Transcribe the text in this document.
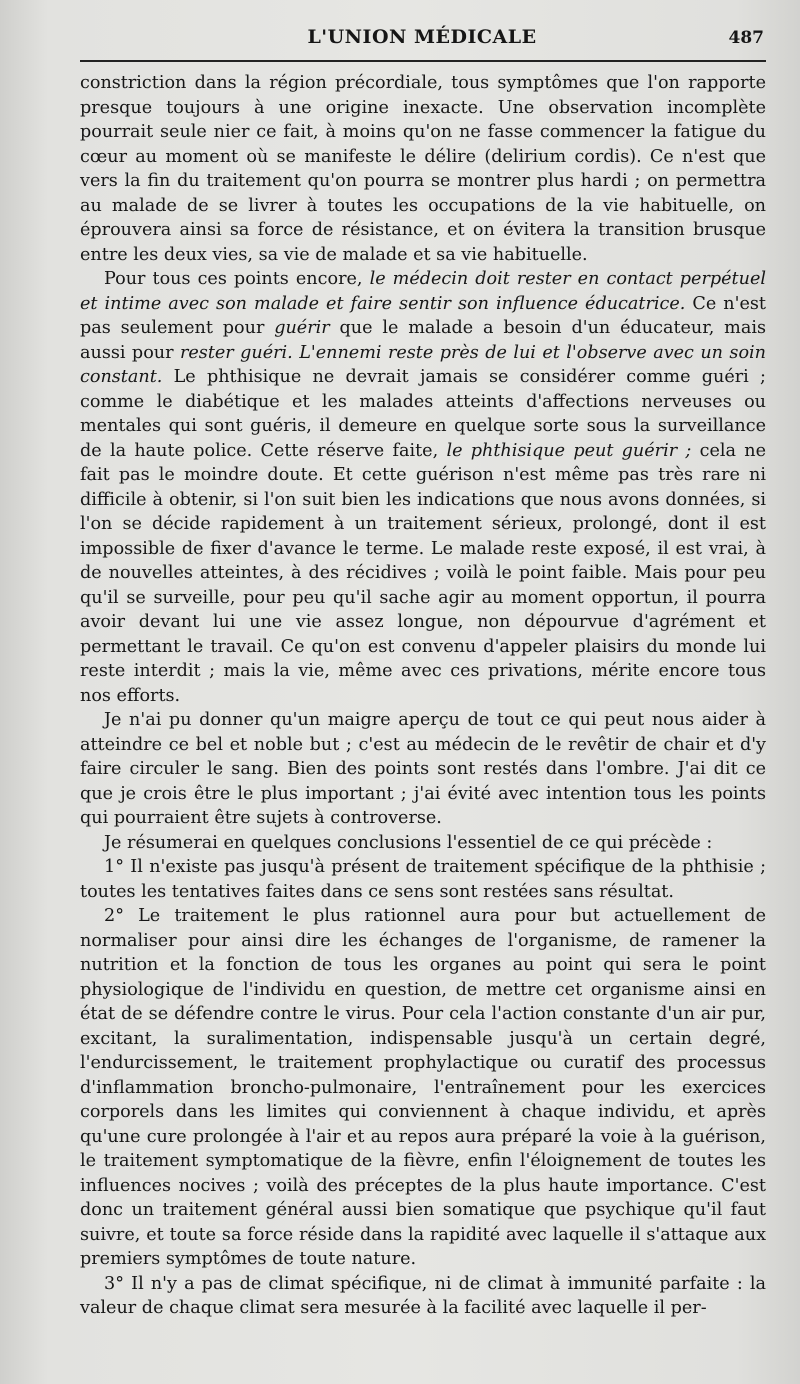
L'UNION MÉDICALE	487

constriction dans la région précordiale, tous symptômes que l'on rapporte presque toujours à une origine inexacte. Une observation incomplète pourrait seule nier ce fait, à moins qu'on ne fasse commencer la fatigue du cœur au moment où se manifeste le délire (delirium cordis). Ce n'est que vers la fin du traitement qu'on pourra se montrer plus hardi ; on permettra au malade de se livrer à toutes les occupations de la vie habituelle, on éprouvera ainsi sa force de résistance, et on évitera la transition brusque entre les deux vies, sa vie de malade et sa vie habituelle.

Pour tous ces points encore, le médecin doit rester en contact perpétuel et intime avec son malade et faire sentir son influence éducatrice. Ce n'est pas seulement pour guérir que le malade a besoin d'un éducateur, mais aussi pour rester guéri. L'ennemi reste près de lui et l'observe avec un soin constant. Le phthisique ne devrait jamais se considérer comme guéri ; comme le diabétique et les malades atteints d'affections nerveuses ou mentales qui sont guéris, il demeure en quelque sorte sous la surveillance de la haute police. Cette réserve faite, le phthisique peut guérir ; cela ne fait pas le moindre doute. Et cette guérison n'est même pas très rare ni difficile à obtenir, si l'on suit bien les indications que nous avons données, si l'on se décide rapidement à un traitement sérieux, prolongé, dont il est impossible de fixer d'avance le terme. Le malade reste exposé, il est vrai, à de nouvelles atteintes, à des récidives ; voilà le point faible. Mais pour peu qu'il se surveille, pour peu qu'il sache agir au moment opportun, il pourra avoir devant lui une vie assez longue, non dépourvue d'agrément et permettant le travail. Ce qu'on est convenu d'appeler plaisirs du monde lui reste interdit ; mais la vie, même avec ces privations, mérite encore tous nos efforts.

Je n'ai pu donner qu'un maigre aperçu de tout ce qui peut nous aider à atteindre ce bel et noble but ; c'est au médecin de le revêtir de chair et d'y faire circuler le sang. Bien des points sont restés dans l'ombre. J'ai dit ce que je crois être le plus important ; j'ai évité avec intention tous les points qui pourraient être sujets à controverse.

Je résumerai en quelques conclusions l'essentiel de ce qui précède :

1° Il n'existe pas jusqu'à présent de traitement spécifique de la phthisie ; toutes les tentatives faites dans ce sens sont restées sans résultat.

2° Le traitement le plus rationnel aura pour but actuellement de normaliser pour ainsi dire les échanges de l'organisme, de ramener la nutrition et la fonction de tous les organes au point qui sera le point physiologique de l'individu en question, de mettre cet organisme ainsi en état de se défendre contre le virus. Pour cela l'action constante d'un air pur, excitant, la suralimentation, indispensable jusqu'à un certain degré, l'endurcissement, le traitement prophylactique ou curatif des processus d'inflammation broncho-pulmonaire, l'entraînement pour les exercices corporels dans les limites qui conviennent à chaque individu, et après qu'une cure prolongée à l'air et au repos aura préparé la voie à la guérison, le traitement symptomatique de la fièvre, enfin l'éloignement de toutes les influences nocives ; voilà des préceptes de la plus haute importance. C'est donc un traitement général aussi bien somatique que psychique qu'il faut suivre, et toute sa force réside dans la rapidité avec laquelle il s'attaque aux premiers symptômes de toute nature.

3° Il n'y a pas de climat spécifique, ni de climat à immunité parfaite : la valeur de chaque climat sera mesurée à la facilité avec laquelle il per-
